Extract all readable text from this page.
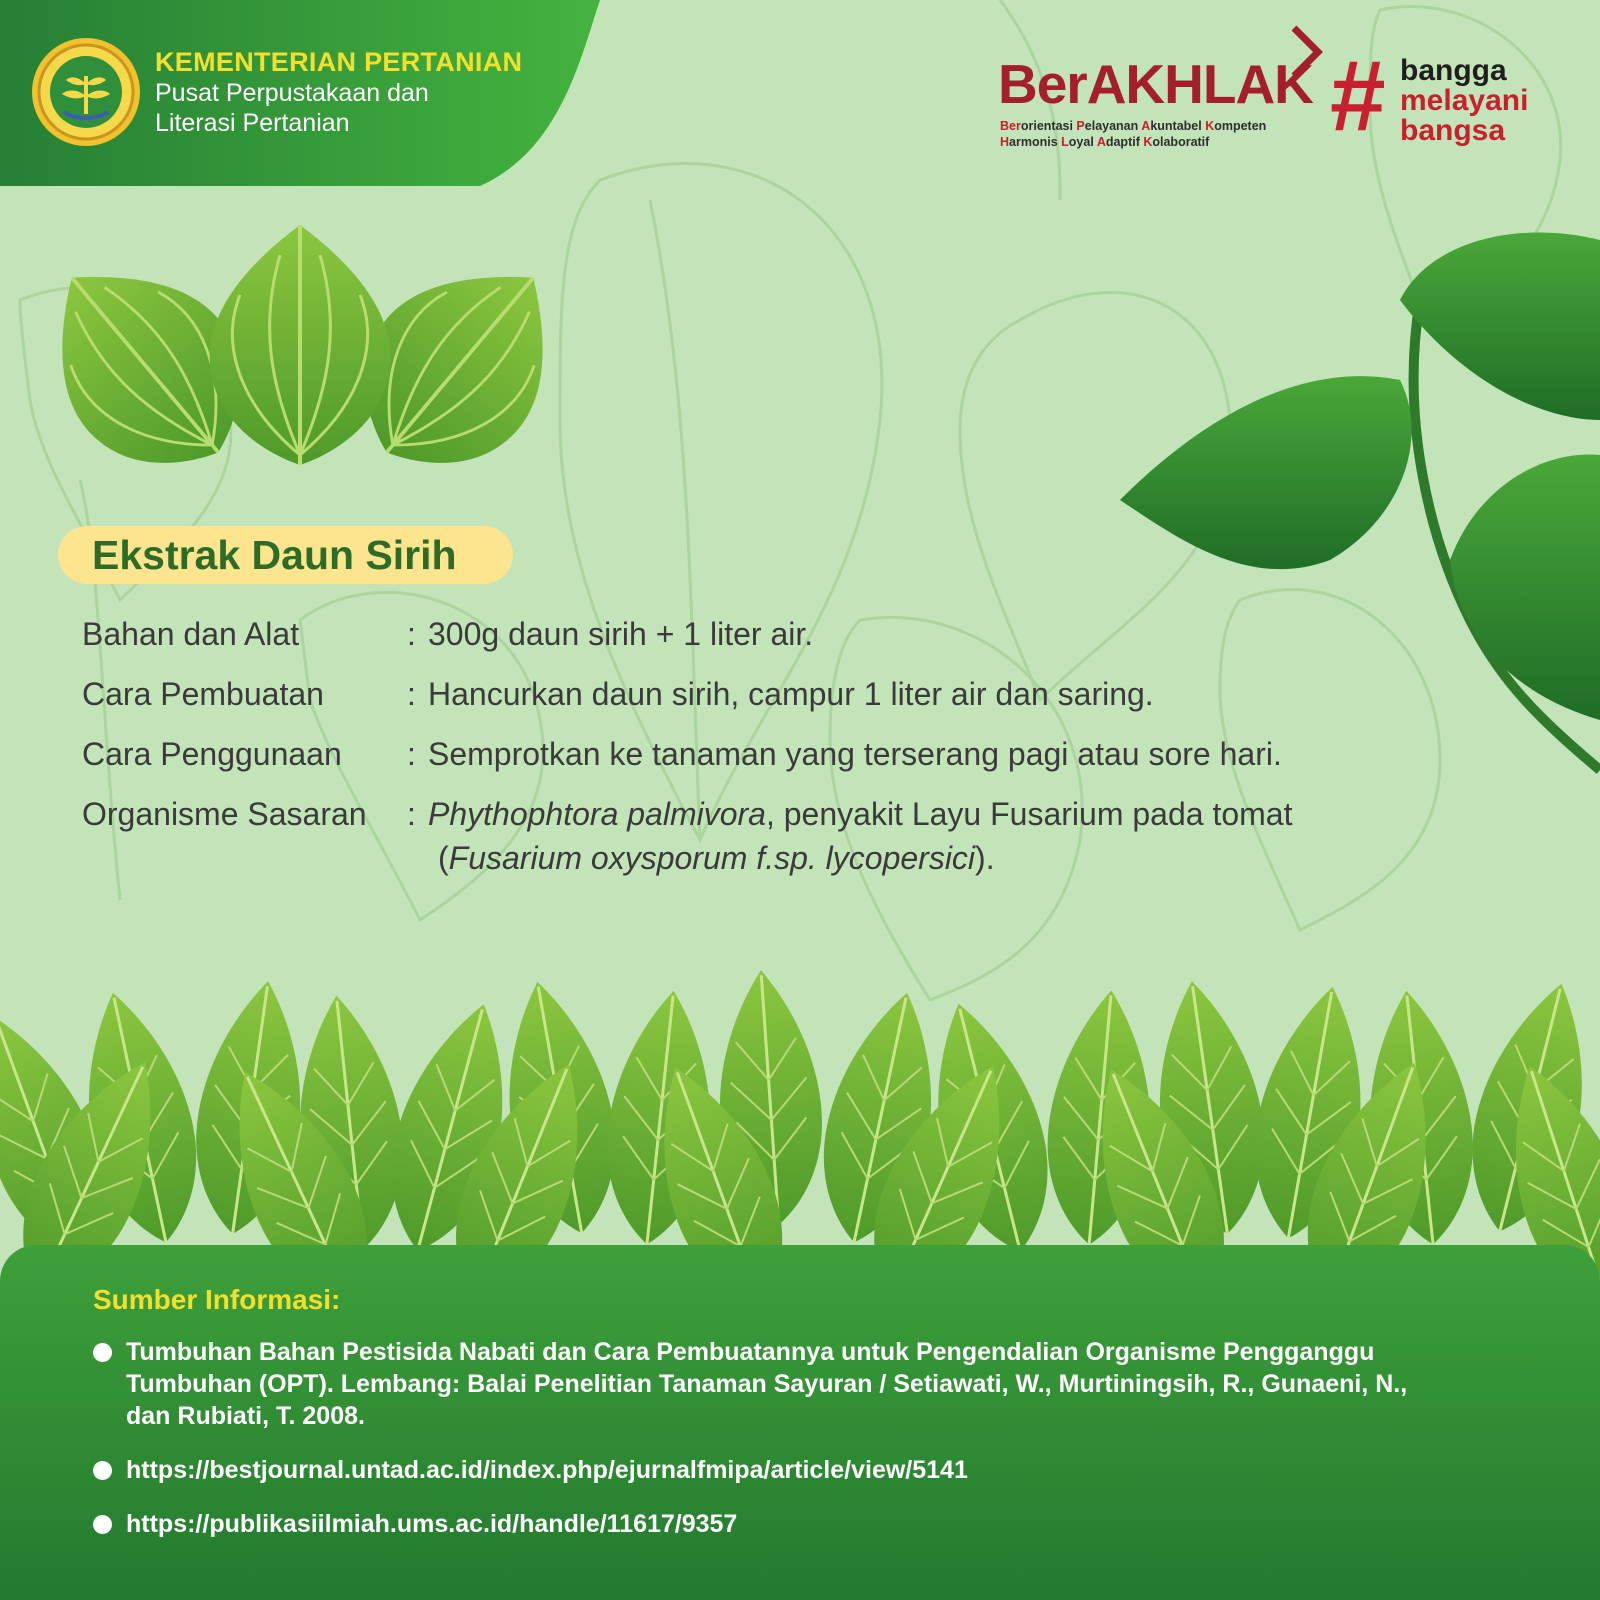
KEMENTERIAN PERTANIAN
Pusat Perpustakaan dan
Literasi Pertanian
BerAKHLAK
Berorientasi Pelayanan Akuntabel Kompeten
Harmonis Loyal Adaptif Kolaboratif	# bangga
melayani
bangsa
Ekstrak Daun Sirih
Bahan dan Alat	: 300g daun sirih + 1 liter air.
Cara Pembuatan	: Hancurkan daun sirih, campur 1 liter air dan saring.
Cara Penggunaan : Semprotkan ke tanaman yang terserang pagi atau sore hari.
Organisme Sasaran : Phythophtora palmivora, penyakit Layu Fusarium pada tomat
(Fusarium oxysporum f.sp. lycopersici).
Sumber Informasi:
Tumbuhan Bahan Pestisida Nabati dan Cara Pembuatannya untuk Pengendalian Organisme Pengganggu Tumbuhan (OPT). Lembang: Balai Penelitian Tanaman Sayuran / Setiawati, W., Murtiningsih, R., Gunaeni, N., dan Rubiati, T. 2008.
https://bestjournal.untad.ac.id/index.php/ejurnalfmipa/article/view/5141
https://publikasiilmiah.ums.ac.id/handle/11617/9357
